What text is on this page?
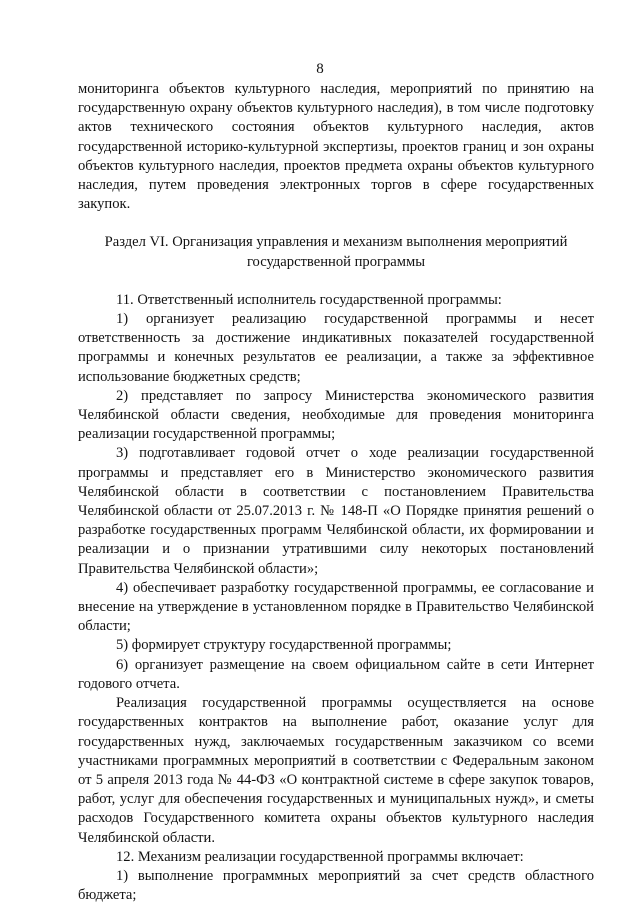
8

мониторинга объектов культурного наследия, мероприятий по принятию на государственную охрану объектов культурного наследия), в том числе подготовку актов технического состояния объектов культурного наследия, актов государственной историко-культурной экспертизы, проектов границ и зон охраны объектов культурного наследия, проектов предмета охраны объектов культурного наследия, путем проведения электронных торгов в сфере государственных закупок.

Раздел VI. Организация управления и механизм выполнения мероприятий государственной программы

11. Ответственный исполнитель государственной программы:

1) организует реализацию государственной программы и несет ответственность за достижение индикативных показателей государственной программы и конечных результатов ее реализации, а также за эффективное использование бюджетных средств;

2) представляет по запросу Министерства экономического развития Челябинской области сведения, необходимые для проведения мониторинга реализации государственной программы;

3) подготавливает годовой отчет о ходе реализации государственной программы и представляет его в Министерство экономического развития Челябинской области в соответствии с постановлением Правительства Челябинской области от 25.07.2013 г. № 148-П «О Порядке принятия решений о разработке государственных программ Челябинской области, их формировании и реализации и о признании утратившими силу некоторых постановлений Правительства Челябинской области»;

4) обеспечивает разработку государственной программы, ее согласование и внесение на утверждение в установленном порядке в Правительство Челябинской области;

5) формирует структуру государственной программы;

6) организует размещение на своем официальном сайте в сети Интернет годового отчета.

Реализация государственной программы осуществляется на основе государственных контрактов на выполнение работ, оказание услуг для государственных нужд, заключаемых государственным заказчиком со всеми участниками программных мероприятий в соответствии с Федеральным законом от 5 апреля 2013 года № 44-ФЗ «О контрактной системе в сфере закупок товаров, работ, услуг для обеспечения государственных и муниципальных нужд», и сметы расходов Государственного комитета охраны объектов культурного наследия Челябинской области.

12. Механизм реализации государственной программы включает:

1) выполнение программных мероприятий за счет средств областного бюджета;
